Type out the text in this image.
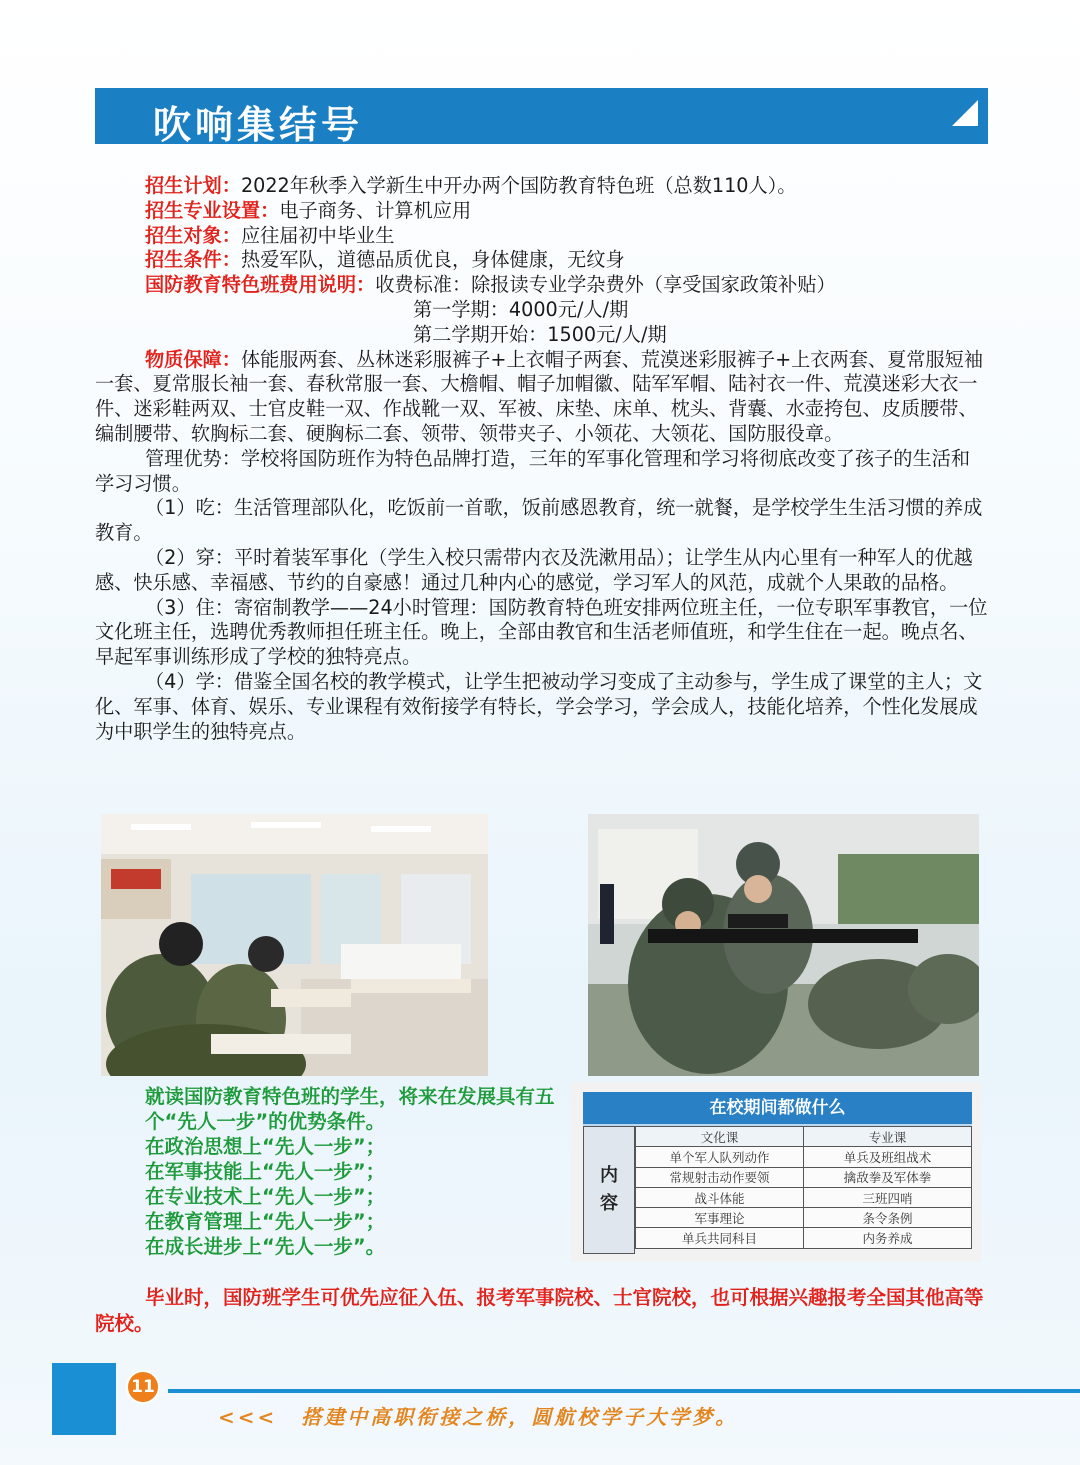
吹响集结号

招生计划：2022年秋季入学新生中开办两个国防教育特色班（总数110人）。

招生专业设置：电子商务、计算机应用

招生对象：应往届初中毕业生

招生条件：热爱军队，道德品质优良，身体健康，无纹身

国防教育特色班费用说明：收费标准：除报读专业学杂费外（享受国家政策补贴）

第一学期：4000元/人/期

第二学期开始：1500元/人/期

物质保障：体能服两套、丛林迷彩服裤子+上衣帽子两套、荒漠迷彩服裤子+上衣两套、夏常服短袖一套、夏常服长袖一套、春秋常服一套、大檐帽、帽子加帽徽、陆军军帽、陆衬衣一件、荒漠迷彩大衣一件、迷彩鞋两双、士官皮鞋一双、作战靴一双、军被、床垫、床单、枕头、背囊、水壶挎包、皮质腰带、编制腰带、软胸标二套、硬胸标二套、领带、领带夹子、小领花、大领花、国防服役章。

管理优势：学校将国防班作为特色品牌打造，三年的军事化管理和学习将彻底改变了孩子的生活和学习习惯。

（1）吃：生活管理部队化，吃饭前一首歌，饭前感恩教育，统一就餐，是学校学生生活习惯的养成教育。

（2）穿：平时着装军事化（学生入校只需带内衣及洗漱用品）；让学生从内心里有一种军人的优越感、快乐感、幸福感、节约的自豪感！通过几种内心的感觉，学习军人的风范，成就个人果敢的品格。

（3）住：寄宿制教学——24小时管理：国防教育特色班安排两位班主任，一位专职军事教官，一位文化班主任，选聘优秀教师担任班主任。晚上，全部由教官和生活老师值班，和学生住在一起。晚点名、早起军事训练形成了学校的独特亮点。

（4）学：借鉴全国名校的教学模式，让学生把被动学习变成了主动参与，学生成了课堂的主人；文化、军事、体育、娱乐、专业课程有效衔接学有特长，学会学习，学会成人，技能化培养，个性化发展成为中职学生的独特亮点。

就读国防教育特色班的学生，将来在发展具有五个“先人一步”的优势条件。

在政治思想上“先人一步”；

在军事技能上“先人一步”；

在专业技术上“先人一步”；

在教育管理上“先人一步”；

在成长进步上“先人一步”。

在校期间都做什么
内
容
文化课	专业课
单个军人队列动作	单兵及班组战术
常规射击动作要领	擒敌拳及军体拳
战斗体能	三班四哨
军事理论	条令条例
单兵共同科目	内务养成

毕业时，国防班学生可优先应征入伍、报考军事院校、士官院校，也可根据兴趣报考全国其他高等院校。

11
<<< 搭建中高职衔接之桥，圆航校学子大学梦。
